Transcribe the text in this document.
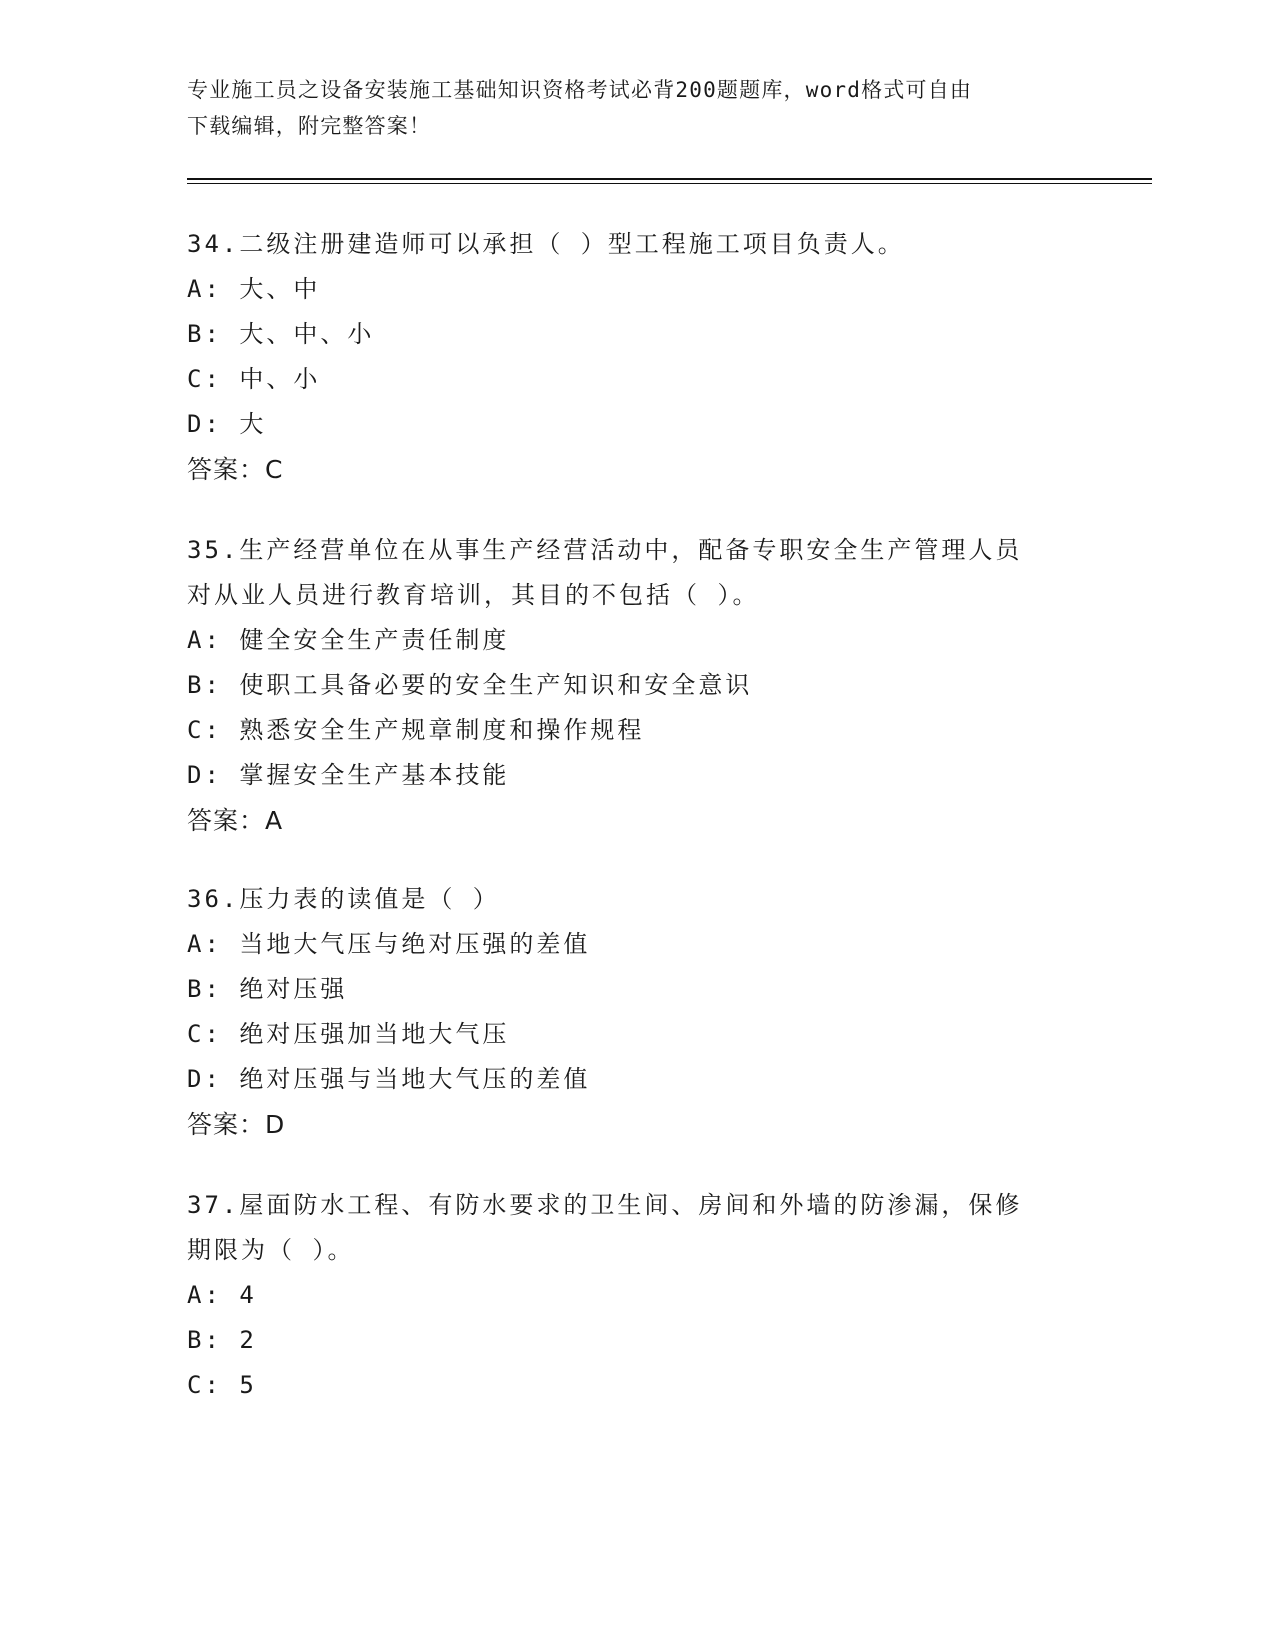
专业施工员之设备安装施工基础知识资格考试必背200题题库，word格式可自由
下载编辑，附完整答案！
34.二级注册建造师可以承担（ ）型工程施工项目负责人。
A: 大、中
B: 大、中、小
C: 中、小
D: 大
答案：C
35.生产经营单位在从事生产经营活动中，配备专职安全生产管理人员
对从业人员进行教育培训，其目的不包括（ ）。
A: 健全安全生产责任制度
B: 使职工具备必要的安全生产知识和安全意识
C: 熟悉安全生产规章制度和操作规程
D: 掌握安全生产基本技能
答案：A
36.压力表的读值是（ ）
A: 当地大气压与绝对压强的差值
B: 绝对压强
C: 绝对压强加当地大气压
D: 绝对压强与当地大气压的差值
答案：D
37.屋面防水工程、有防水要求的卫生间、房间和外墙的防渗漏，保修
期限为（ ）。
A: 4
B: 2
C: 5
